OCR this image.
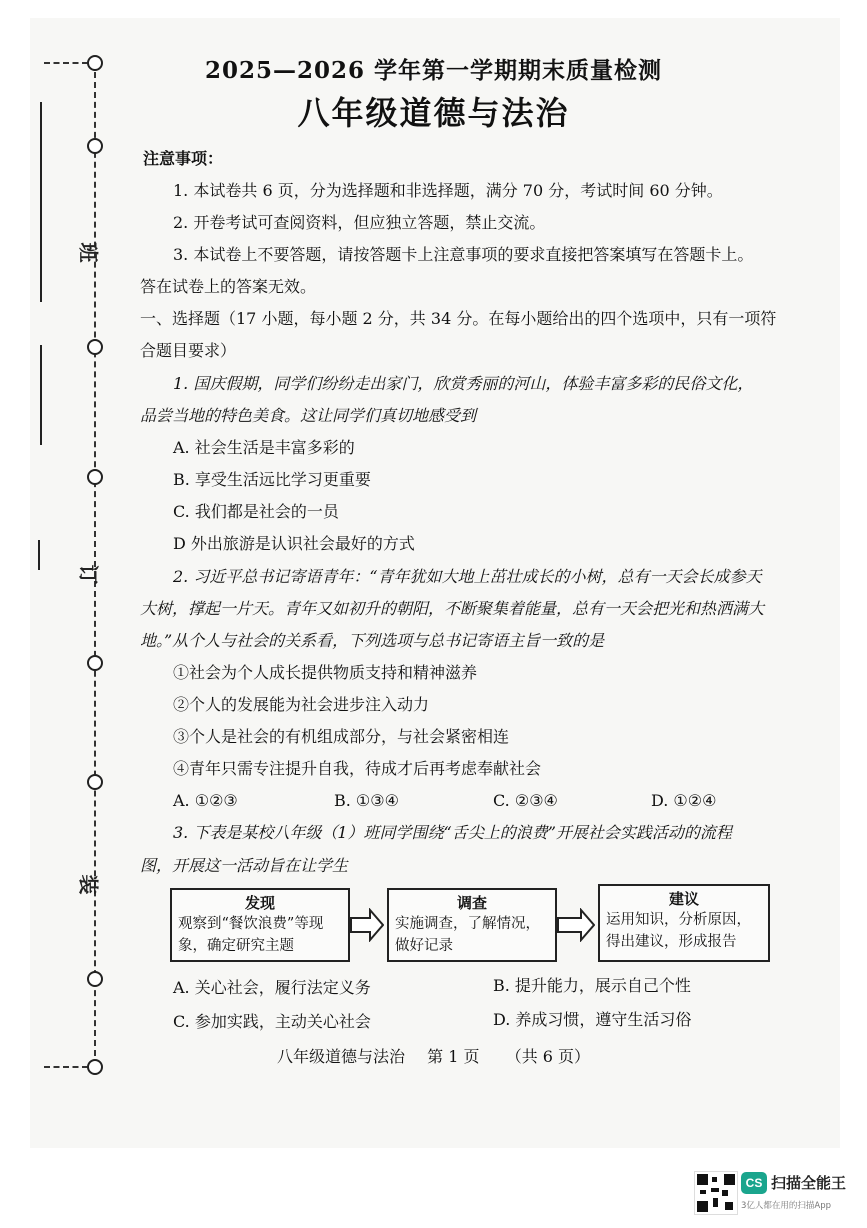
班
订
装
2025—2026 学年第一学期期末质量检测
八年级道德与法治
注意事项：
1. 本试卷共 6 页，分为选择题和非选择题，满分 70 分，考试时间 60 分钟。
2. 开卷考试可查阅资料，但应独立答题，禁止交流。
3. 本试卷上不要答题，请按答题卡上注意事项的要求直接把答案填写在答题卡上。
答在试卷上的答案无效。
一、选择题（17 小题，每小题 2 分，共 34 分。在每小题给出的四个选项中，只有一项符
合题目要求）
1. 国庆假期，同学们纷纷走出家门，欣赏秀丽的河山，体验丰富多彩的民俗文化，
品尝当地的特色美食。这让同学们真切地感受到
A. 社会生活是丰富多彩的
B. 享受生活远比学习更重要
C. 我们都是社会的一员
D 外出旅游是认识社会最好的方式
2. 习近平总书记寄语青年：“青年犹如大地上茁壮成长的小树，总有一天会长成参天
大树，撑起一片天。青年又如初升的朝阳，不断聚集着能量，总有一天会把光和热洒满大
地。”从个人与社会的关系看，下列选项与总书记寄语主旨一致的是
①社会为个人成长提供物质支持和精神滋养
②个人的发展能为社会进步注入动力
③个人是社会的有机组成部分，与社会紧密相连
④青年只需专注提升自我，待成才后再考虑奉献社会
A. ①②③	B. ①③④	C. ②③④	D. ①②④
3. 下表是某校八年级（1）班同学围绕“舌尖上的浪费”开展社会实践活动的流程
图，开展这一活动旨在让学生
发现
观察到“餐饮浪费”等现
象，确定研究主题
调查
实施调查，了解情况，
做好记录
建议
运用知识，分析原因，
得出建议，形成报告
A. 关心社会，履行法定义务	B. 提升能力，展示自己个性
C. 参加实践，主动关心社会	D. 养成习惯，遵守生活习俗
八年级道德与法治 第 1 页 （共 6 页）
CS 扫描全能王
3亿人都在用的扫描App
